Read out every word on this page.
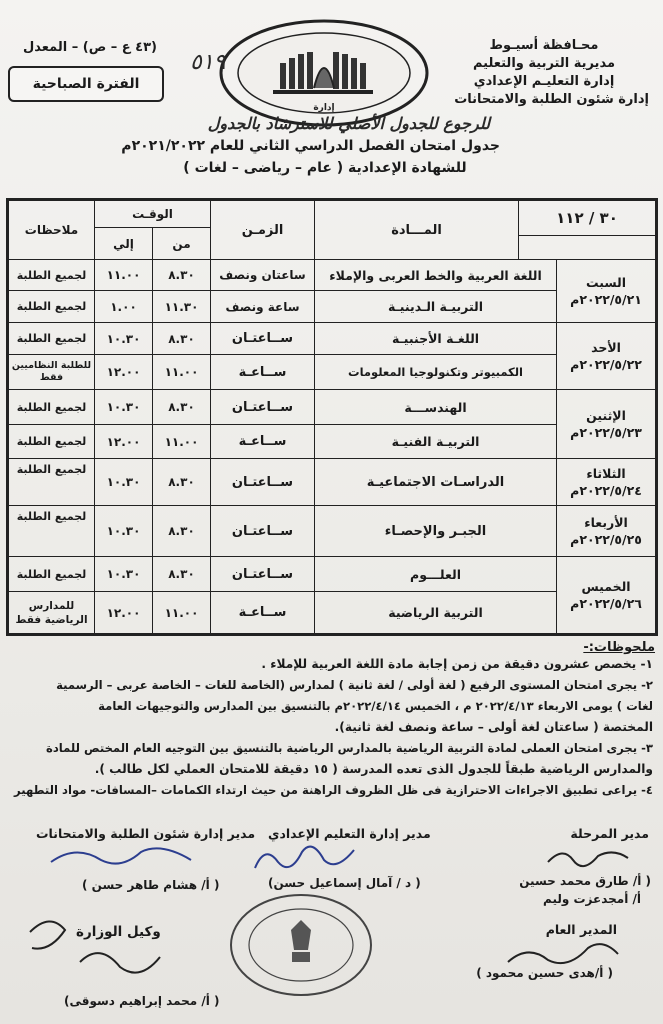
محـافظة أسيـوط
مديرية التربية والتعليم
إدارة التعليـم الإعدادي
إدارة شئون الطلبة والامتحانات
(٤٣ ع – ص) – المعدل
الفترة الصباحية
إدارة
٥١٩
للرجوع للجدول الأصلي للاسترشاد بالجدول
جدول امتحان الفصل الدراسي الثاني للعام ٢٠٢١/٢٠٢٢م
للشهادة الإعدادية ( عام – رياضى – لغات )
٣٠ / ١١٢
المـــادة
الزمـن
الوقـت
من
إلي
ملاحظات
السبت
٢٠٢٢/٥/٢١م
الأحد
٢٠٢٢/٥/٢٢م
الإثنين
٢٠٢٢/٥/٢٣م
الثلاثاء
٢٠٢٢/٥/٢٤م
الأربعاء
٢٠٢٢/٥/٢٥م
الخميس
٢٠٢٢/٥/٢٦م
اللغة العربية والخط العربى والإملاء
ساعتان ونصف
٨.٣٠
١١.٠٠
لجميع الطلبة
التربيـة الـدينيـة
ساعة ونصف
١١.٣٠
١.٠٠
لجميع الطلبة
اللغـة الأجنبيـة
ســاعتـان
٨.٣٠
١٠.٣٠
لجميع الطلبة
الكمبيوتر وتكنولوجيا المعلومات
ســاعـة
١١.٠٠
١٢.٠٠
للطلبة النظاميين فقط
الهندســـة
ســاعتـان
٨.٣٠
١٠.٣٠
لجميع الطلبة
التربيـة الفنيـة
ســاعـة
١١.٠٠
١٢.٠٠
لجميع الطلبة
الدراسـات الاجتماعيـة
ســاعتـان
٨.٣٠
١٠.٣٠
لجميع الطلبة
الجبـر والإحصـاء
ســاعتـان
٨.٣٠
١٠.٣٠
لجميع الطلبة
العلـــوم
ســاعتـان
٨.٣٠
١٠.٣٠
لجميع الطلبة
التربية الرياضية
ســاعـة
١١.٠٠
١٢.٠٠
للمدارس الرياضية فقط
ملحوظات:-
١- يخصص عشرون دقيقة من زمن إجابة مادة اللغة العربية للإملاء .
٢- يجرى امتحان المستوى الرفيع ( لغة أولى / لغة ثانية ) لمدارس (الخاصة للغات – الخاصة عربى – الرسمية
لغات ) يومى الاربعاء ٢٠٢٢/٤/١٣ م ، الخميس ٢٠٢٢/٤/١٤م بالتنسيق بين المدارس والتوجيهات العامة
المختصة ( ساعتان لغة أولى – ساعة ونصف لغة ثانية).
٣- يجرى امتحان العملى لمادة التربية الرياضية بالمدارس الرياضية بالتنسيق بين التوجيه العام المختص للمادة
والمدارس الرياضية طبقاً للجدول الذى تعده المدرسة ( ١٥ دقيقة للامتحان العملي لكل طالب ).
٤- يراعى تطبيق الاجراءات الاحترازية فى ظل الظروف الراهنة من حيث ارتداء الكمامات –المسافات- مواد التطهير
مدير المرحلة
( أ/ طارق محمد حسين
أ/ أمجدعزت وليم
مدير إدارة التعليم الإعدادي
( د / آمال إسماعيل حسن)
مدير إدارة شئون الطلبة والامتحانات
( أ/ هشام طاهر حسن )
المدير العام
( أ/هدى حسين محمود )
وكيل الوزارة
( أ/ محمد إبراهيم دسوقى)
